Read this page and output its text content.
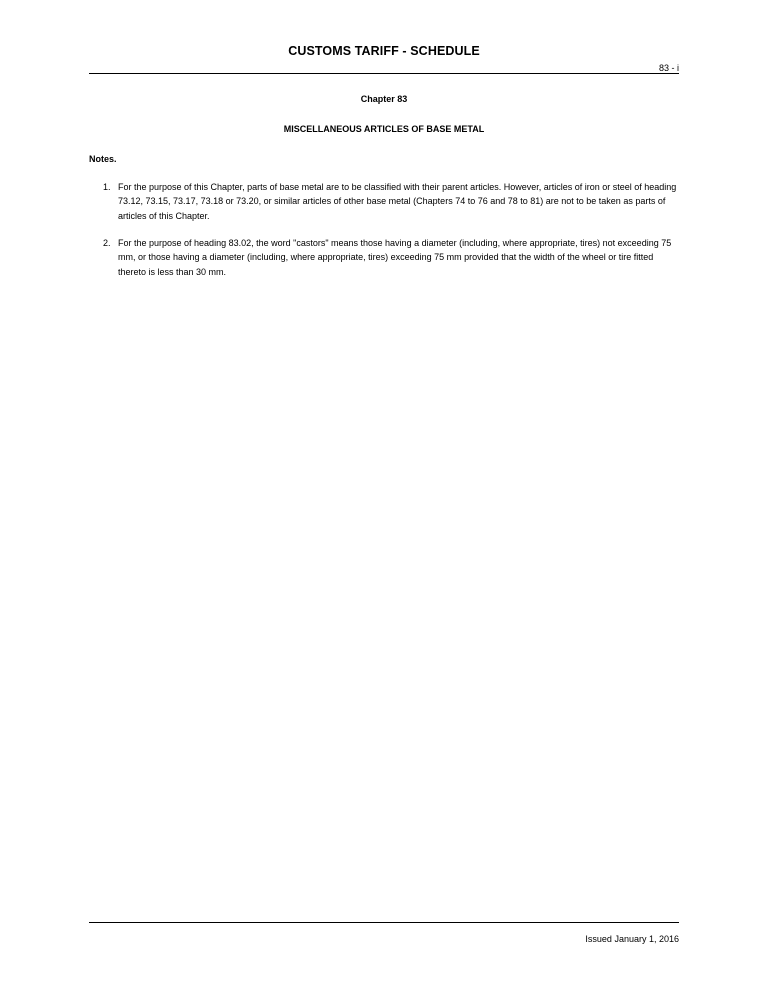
CUSTOMS TARIFF - SCHEDULE
83 - i
Chapter 83
MISCELLANEOUS ARTICLES OF BASE METAL
Notes.
1. For the purpose of this Chapter, parts of base metal are to be classified with their parent articles. However, articles of iron or steel of heading 73.12, 73.15, 73.17, 73.18 or 73.20, or similar articles of other base metal (Chapters 74 to 76 and 78 to 81) are not to be taken as parts of articles of this Chapter.
2. For the purpose of heading 83.02, the word "castors" means those having a diameter (including, where appropriate, tires) not exceeding 75 mm, or those having a diameter (including, where appropriate, tires) exceeding 75 mm provided that the width of the wheel or tire fitted thereto is less than 30 mm.
Issued January 1, 2016
